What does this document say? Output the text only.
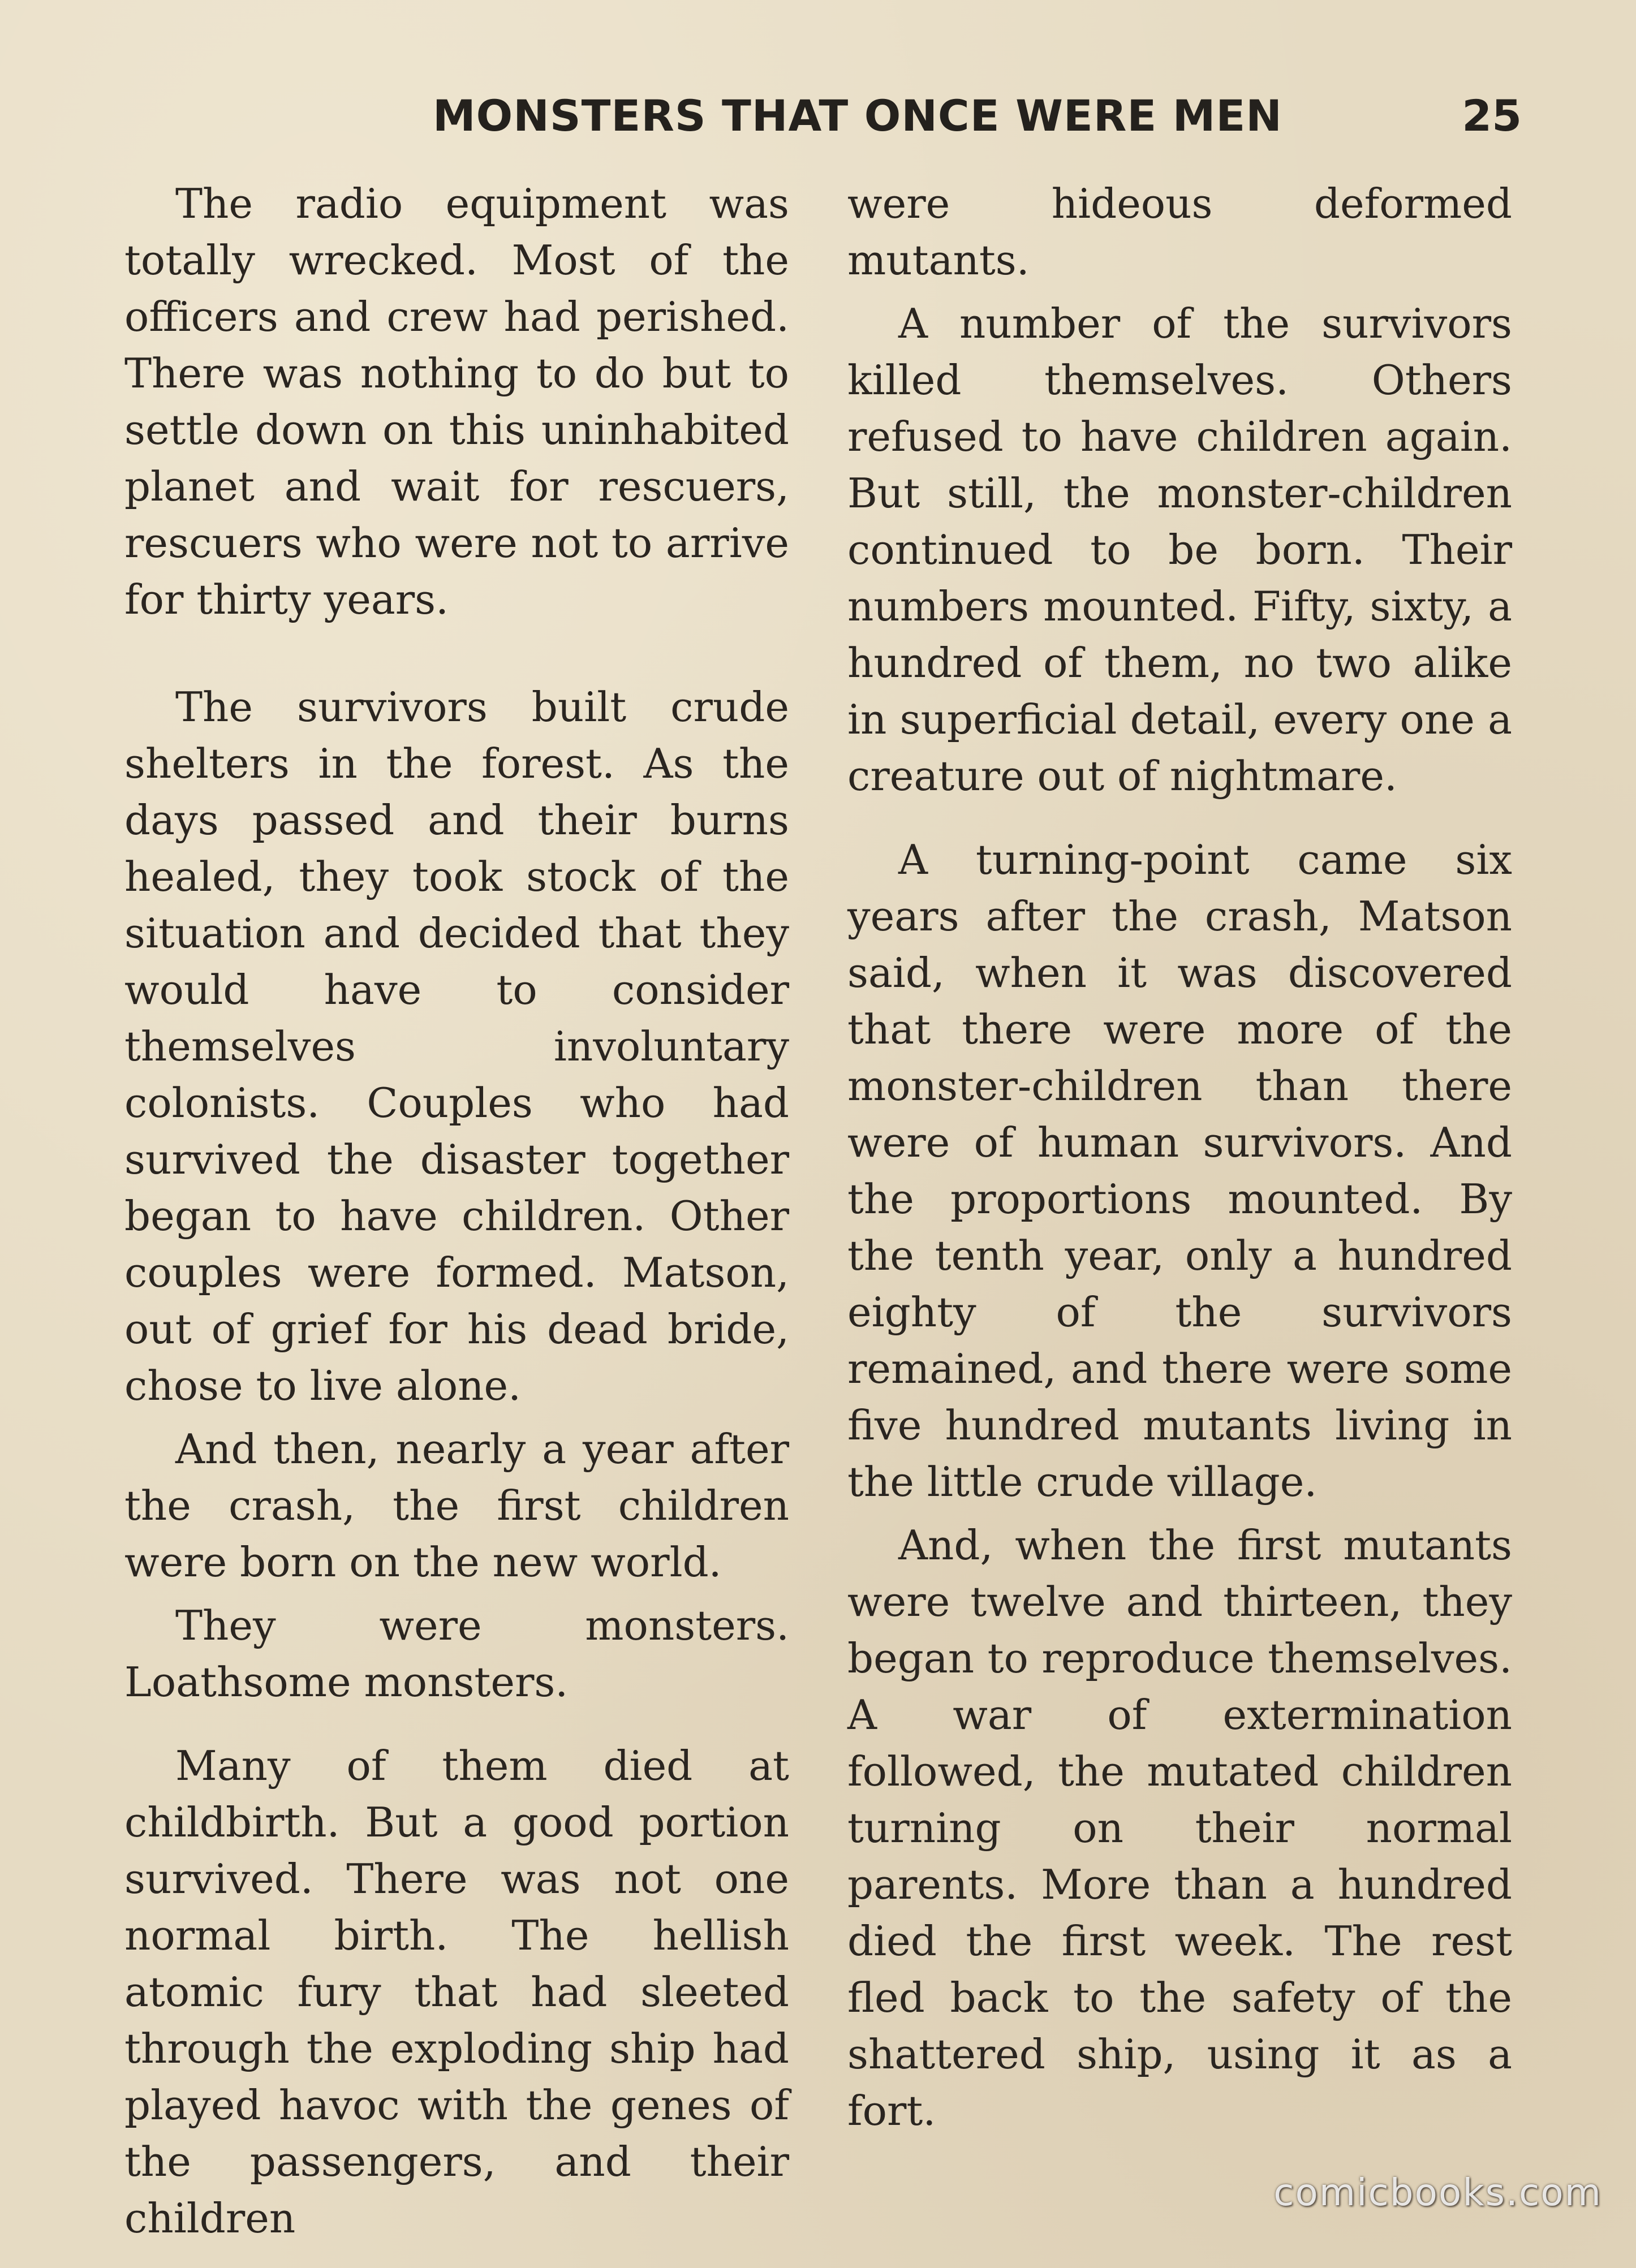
MONSTERS THAT ONCE WERE MEN	25

The radio equipment was totally wrecked. Most of the officers and crew had perished. There was nothing to do but to settle down on this uninhabited planet and wait for rescuers, rescuers who were not to arrive for thirty years.

The survivors built crude shelters in the forest. As the days passed and their burns healed, they took stock of the situation and decided that they would have to consider themselves involuntary colonists. Couples who had survived the disaster together began to have children. Other couples were formed. Matson, out of grief for his dead bride, chose to live alone.

And then, nearly a year after the crash, the first children were born on the new world.

They were monsters. Loathsome monsters.

Many of them died at childbirth. But a good portion survived. There was not one normal birth. The hellish atomic fury that had sleeted through the exploding ship had played havoc with the genes of the passengers, and their children

were hideous deformed mutants.

A number of the survivors killed themselves. Others refused to have children again. But still, the monster-children continued to be born. Their numbers mounted. Fifty, sixty, a hundred of them, no two alike in superficial detail, every one a creature out of nightmare.

A turning-point came six years after the crash, Matson said, when it was discovered that there were more of the monster-children than there were of human survivors. And the proportions mounted. By the tenth year, only a hundred eighty of the survivors remained, and there were some five hundred mutants living in the little crude village.

And, when the first mutants were twelve and thirteen, they began to reproduce themselves. A war of extermination followed, the mutated children turning on their normal parents. More than a hundred died the first week. The rest fled back to the safety of the shattered ship, using it as a fort.

comicbooks.com
